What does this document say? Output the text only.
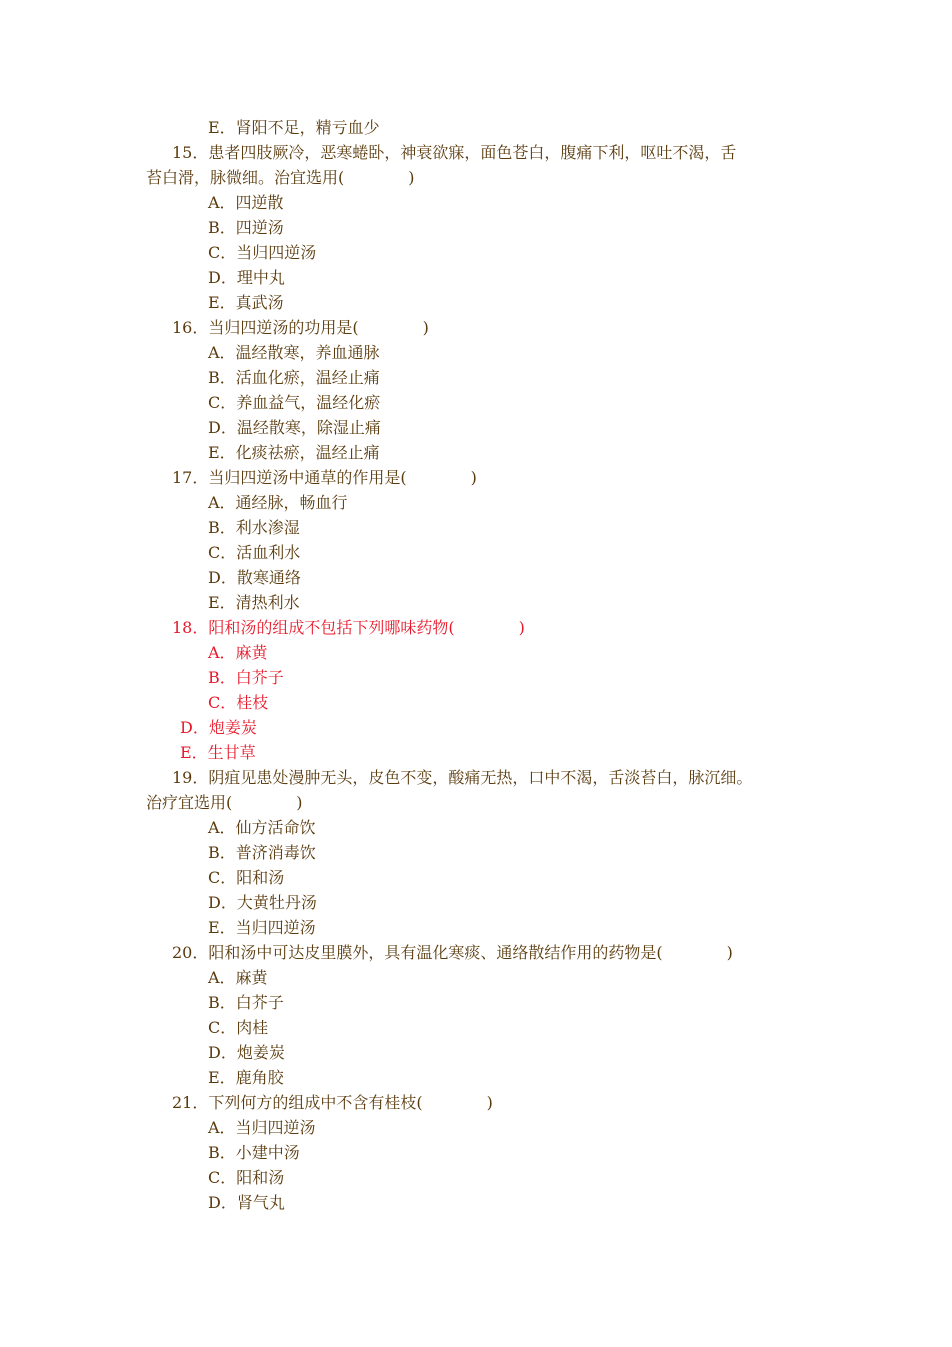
E．肾阳不足，精亏血少
15．患者四肢厥冷，恶寒蜷卧，神衰欲寐，面色苍白，腹痛下利，呕吐不渴，舌
苔白滑，脉微细。治宜选用(　　　　)
A．四逆散
B．四逆汤
C．当归四逆汤
D．理中丸
E．真武汤
16．当归四逆汤的功用是(　　　　)
A．温经散寒，养血通脉
B．活血化瘀，温经止痛
C．养血益气，温经化瘀
D．温经散寒，除湿止痛
E．化痰祛瘀，温经止痛
17．当归四逆汤中通草的作用是(　　　　)
A．通经脉，畅血行
B．利水渗湿
C．活血利水
D．散寒通络
E．清热利水
18．阳和汤的组成不包括下列哪味药物(　　　　)
A．麻黄
B．白芥子
C．桂枝
D．炮姜炭
E．生甘草
19．阴疽见患处漫肿无头，皮色不变，酸痛无热，口中不渴，舌淡苔白，脉沉细。
治疗宜选用(　　　　)
A．仙方活命饮
B．普济消毒饮
C．阳和汤
D．大黄牡丹汤
E．当归四逆汤
20．阳和汤中可达皮里膜外，具有温化寒痰、通络散结作用的药物是(　　　　)
A．麻黄
B．白芥子
C．肉桂
D．炮姜炭
E．鹿角胶
21．下列何方的组成中不含有桂枝(　　　　)
A．当归四逆汤
B．小建中汤
C．阳和汤
D．肾气丸
